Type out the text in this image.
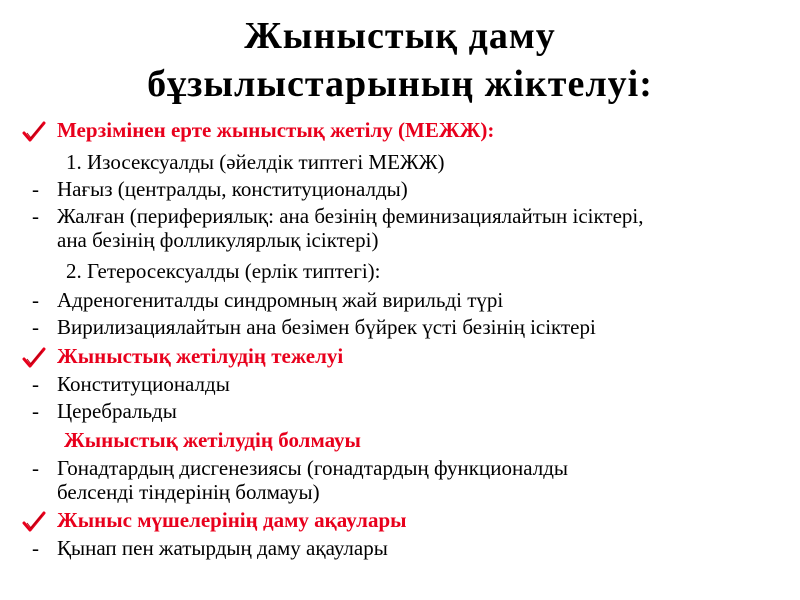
Жыныстық даму
бұзылыстарының жіктелуі:
Мерзімінен ерте жыныстық жетілу (МЕЖЖ):
1. Изосексуалды (әйелдік типтегі МЕЖЖ)
- Нағыз (централды, конституционалды)
- Жалған (перифериялық: ана безінің феминизациялайтын ісіктері,
ана безінің фолликулярлық ісіктері)
2. Гетеросексуалды (ерлік типтегі):
- Адреногениталды синдромның жай вирильді түрі
- Вирилизациялайтын ана безімен бүйрек үсті безінің ісіктері
Жыныстық жетілудің тежелуі
- Конституционалды
- Церебральды
Жыныстық жетілудің болмауы
- Гонадтардың дисгенезиясы (гонадтардың функционалды
белсенді тіндерінің болмауы)
Жыныс мүшелерінің даму ақаулары
- Қынап пен жатырдың даму ақаулары
